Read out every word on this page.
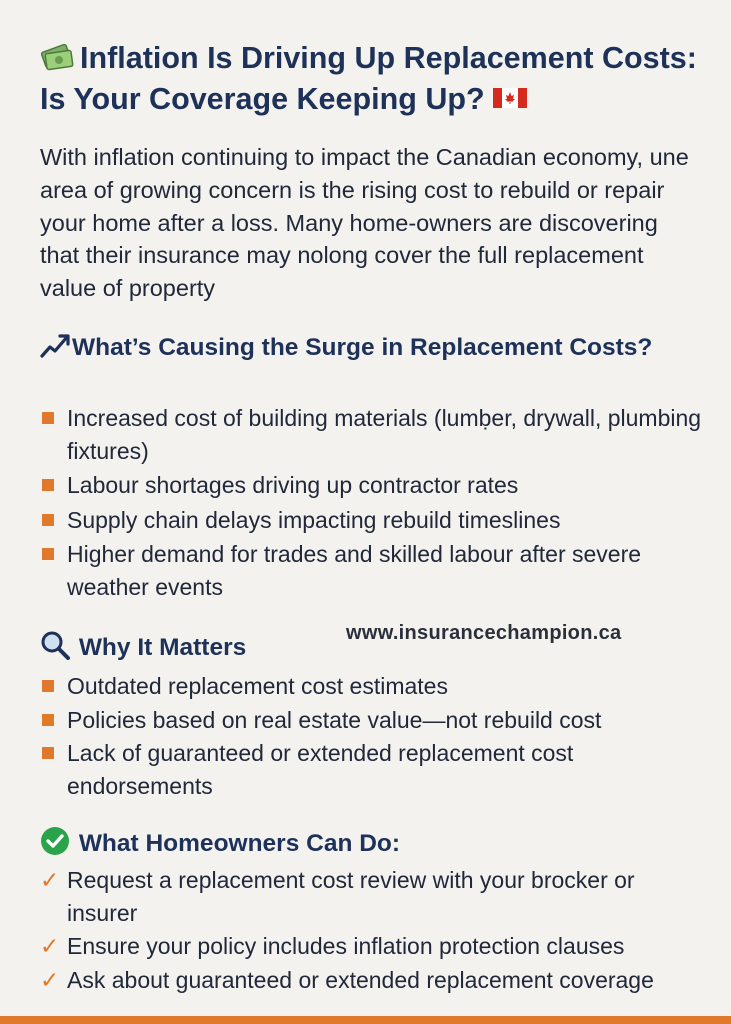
Inflation Is Driving Up Replacement Costs: Is Your Coverage Keeping Up?
With inflation continuing to impact the Canadian economy, une area of growing concern is the rising cost to rebuild or repair your home after a loss. Many home-owners are discovering that their insurance may nolong cover the full replacement value of property
What’s Causing the Surge in Replacement Costs?
Increased cost of building materials (lumḅer, drywall, plumbing fixtures)
Labour shortages driving up contractor rates
Supply chain delays impacting rebuild timeslines
Higher demand for trades and skilled labour after severe weather events
Why It Matters
www.insurancechampion.ca
Outdated replacement cost estimates
Policies based on real estate value—not rebuild cost
Lack of guaranteed or extended replacement cost endorsements
What Homeowners Can Do:
✓ Request a replacement cost review with your brocker or insurer
✓ Ensure your policy includes inflation protection clauses
✓ Ask about guaranteed or extended replacement coverage
